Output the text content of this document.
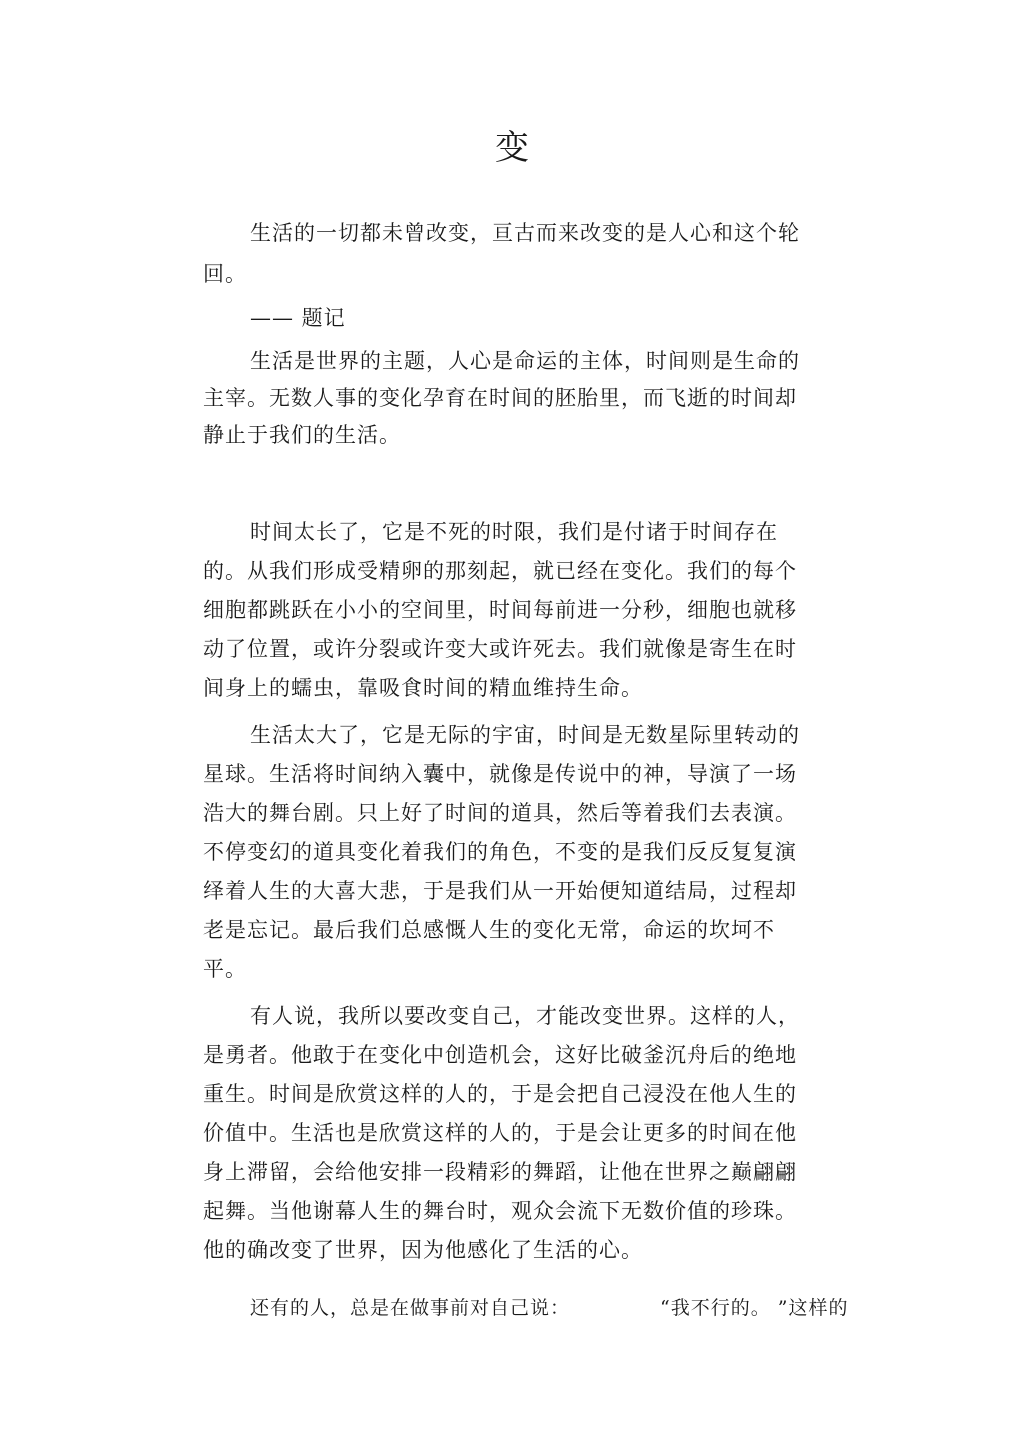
变

生活的一切都未曾改变，亘古而来改变的是人心和这个轮回。

—— 题记

生活是世界的主题，人心是命运的主体，时间则是生命的主宰。无数人事的变化孕育在时间的胚胎里，而飞逝的时间却静止于我们的生活。

时间太长了，它是不死的时限，我们是付诸于时间存在的。从我们形成受精卵的那刻起，就已经在变化。我们的每个细胞都跳跃在小小的空间里，时间每前进一分秒，细胞也就移动了位置，或许分裂或许变大或许死去。我们就像是寄生在时间身上的蠕虫，靠吸食时间的精血维持生命。

生活太大了，它是无际的宇宙，时间是无数星际里转动的星球。生活将时间纳入囊中，就像是传说中的神，导演了一场浩大的舞台剧。只上好了时间的道具，然后等着我们去表演。不停变幻的道具变化着我们的角色，不变的是我们反反复复演绎着人生的大喜大悲，于是我们从一开始便知道结局，过程却老是忘记。最后我们总感慨人生的变化无常，命运的坎坷不平。

有人说，我所以要改变自己，才能改变世界。这样的人，是勇者。他敢于在变化中创造机会，这好比破釜沉舟后的绝地重生。时间是欣赏这样的人的，于是会把自己浸没在他人生的价值中。生活也是欣赏这样的人的，于是会让更多的时间在他身上滞留，会给他安排一段精彩的舞蹈，让他在世界之巅翩翩起舞。当他谢幕人生的舞台时，观众会流下无数价值的珍珠。他的确改变了世界，因为他感化了生活的心。

还有的人，总是在做事前对自己说：	“我不行的。 ”这样的
